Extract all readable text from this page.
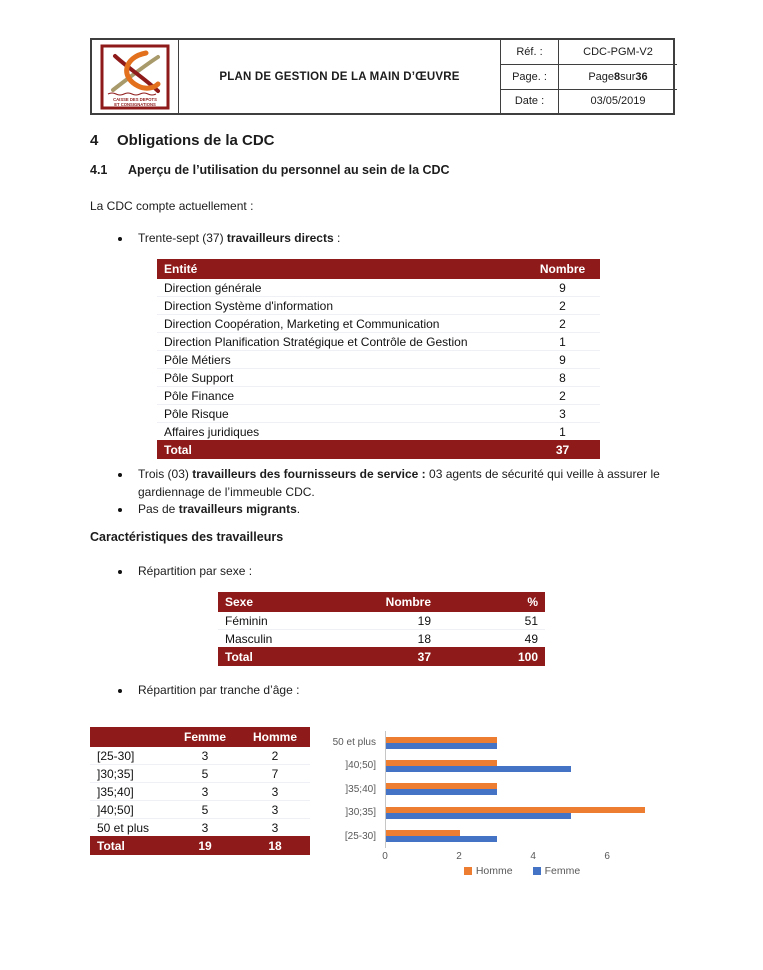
CAISSE DES DEPOTS
ET CONSIGNATIONS
PLAN DE GESTION DE LA MAIN D’ŒUVRE
Réf. :	CDC-PGM-V2
Page. :	Page 8 sur 36
Date :	03/05/2019
4 Obligations de la CDC
4.1 Aperçu de l’utilisation du personnel au sein de la CDC
La CDC compte actuellement :
Trente-sept (37) travailleurs directs :
Entité	Nombre
Direction générale	9
Direction Système d'information	2
Direction Coopération, Marketing et Communication	2
Direction Planification Stratégique et Contrôle de Gestion	1
Pôle Métiers	9
Pôle Support	8
Pôle Finance	2
Pôle Risque	3
Affaires juridiques	1
Total	37
Trois (03) travailleurs des fournisseurs de service : 03 agents de sécurité qui veille à assurer le gardiennage de l’immeuble CDC.
Pas de travailleurs migrants.
Caractéristiques des travailleurs
Répartition par sexe :
Sexe	Nombre	%
Féminin	19	51
Masculin	18	49
Total	37	100
Répartition par tranche d’âge :
	Femme	Homme
[25-30]	3	2
]30;35]	5	7
]35;40]	3	3
]40;50]	5	3
50 et plus	3	3
Total	19	18
50 et plus
]40;50]
]35;40]
]30;35]
[25-30]
0	2	4	6
Homme	Femme
